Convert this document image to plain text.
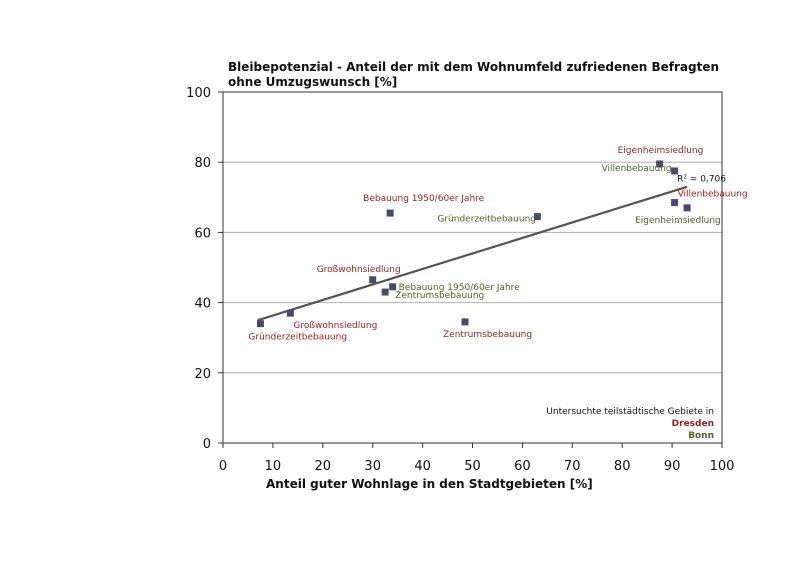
Bleibepotenzial - Anteil der mit dem Wohnumfeld zufriedenen Befragten
ohne Umzugswunsch [%]
0
20
40
60
80
100
0	10	20	30	40	50	60	70	80	90 100
R² = 0,706
Gründerzeitbebauung
Großwohnsiedlung
Großwohnsiedlung
Bebauung 1950/60er Jahre
Bebauung 1950/60er Jahre
Zentrumsbebauung
Zentrumsbebauung
Gründerzeitbebauung
Eigenheimsiedlung
Villenbebauung
Villenbebauung
Eigenheimsiedlung
Anteil guter Wohnlage in den Stadtgebieten [%]
Untersuchte teilstädtische Gebiete in
Dresden
Bonn
